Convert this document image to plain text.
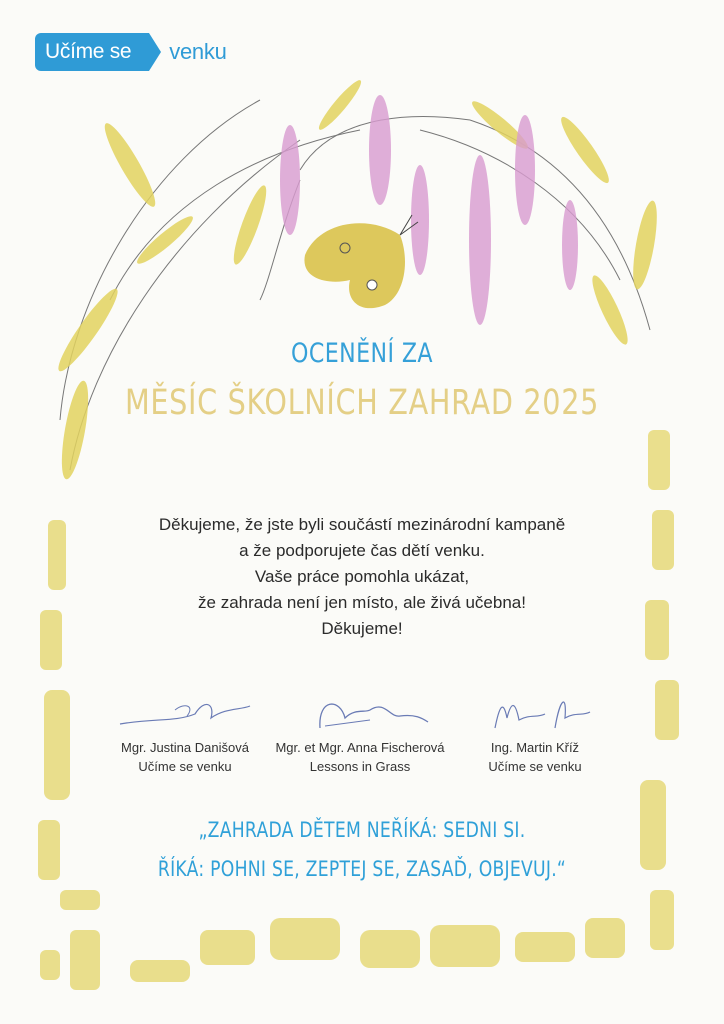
Učíme se	venku
OCENĚNÍ ZA
MĚSÍC ŠKOLNÍCH ZAHRAD 2025
Děkujeme, že jste byli součástí mezinárodní kampaně
a že podporujete čas dětí venku.
Vaše práce pomohla ukázat,
že zahrada není jen místo, ale živá učebna!
Děkujeme!
Mgr. Justina Danišová
Učíme se venku
Mgr. et Mgr. Anna Fischerová
Lessons in Grass
Ing. Martin Kříž
Učíme se venku
„ZAHRADA DĚTEM NEŘÍKÁ: SEDNI SI.
ŘÍKÁ: POHNI SE, ZEPTEJ SE, ZASAĎ, OBJEVUJ.“
